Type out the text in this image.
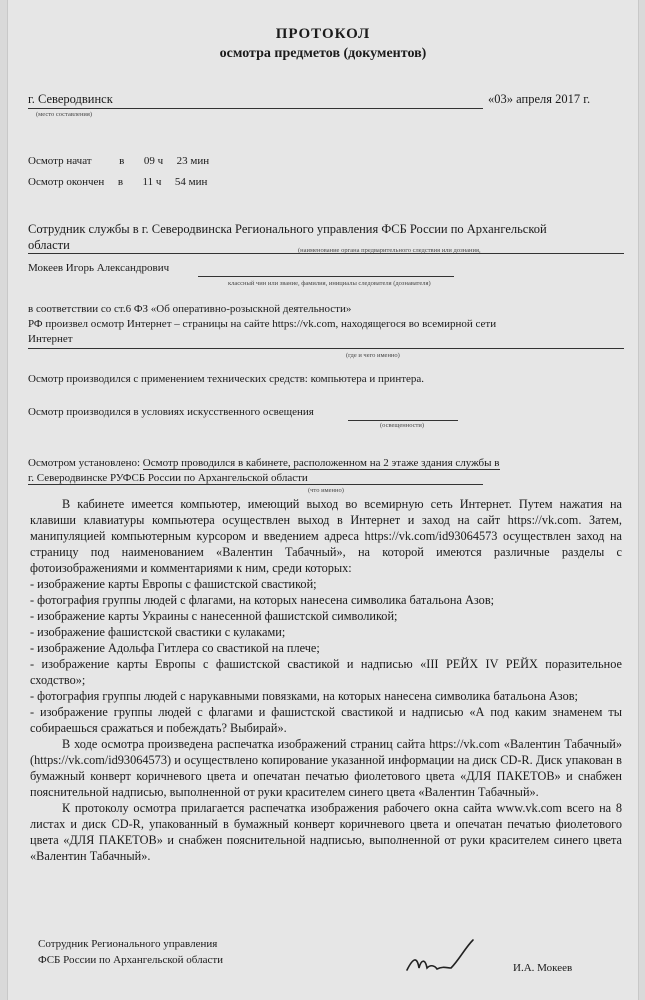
ПРОТОКОЛ
осмотра предметов (документов)
г. Северодвинск
(место составления)
«03» апреля 2017 г.
Осмотр начат	в 09 ч 23 мин
Осмотр окончен в 11 ч 54 мин
Сотрудник службы в г. Северодвинска Регионального управления ФСБ России по Архангельской
области	(наименование органа предварительного следствия или дознания,
Мокеев Игорь Александрович
классный чин или звание, фамилия, инициалы следователя (дознавателя)
в соответствии со ст.6 ФЗ «Об оперативно-розыскной деятельности»
РФ произвел осмотр Интернет – страницы на сайте https://vk.com, находящегося во всемирной сети
Интернет
(где и чего именно)
Осмотр производился с применением технических средств: компьютера и принтера.
Осмотр производился в условиях искусственного освещения
(освещенности)
Осмотром установлено: Осмотр проводился в кабинете, расположенном на 2 этаже здания службы в
г. Северодвинске РУФСБ России по Архангельской области
(что именно)

В кабинете имеется компьютер, имеющий выход во всемирную сеть Интернет. Путем нажатия на клавиши клавиатуры компьютера осуществлен выход в Интернет и заход на сайт https://vk.com. Затем, манипуляцией компьютерным курсором и введением адреса https://vk.com/id93064573 осуществлен заход на страницу под наименованием «Валентин Табачный», на которой имеются различные разделы с фотоизображениями и комментариями к ним, среди которых:

- изображение карты Европы с фашистской свастикой;

- фотография группы людей с флагами, на которых нанесена символика батальона Азов;

- изображение карты Украины с нанесенной фашистской символикой;

- изображение фашистской свастики с кулаками;

- изображение Адольфа Гитлера со свастикой на плече;

- изображение карты Европы с фашистской свастикой и надписью «III РЕЙХ IV РЕЙХ поразительное сходство»;

- фотография группы людей с нарукавными повязками, на которых нанесена символика батальона Азов;

- изображение группы людей с флагами и фашистской свастикой и надписью «А под каким знаменем ты собираешься сражаться и побеждать? Выбирай».

В ходе осмотра произведена распечатка изображений страниц сайта https://vk.com «Валентин Табачный» (https://vk.com/id93064573) и осуществлено копирование указанной информации на диск CD-R. Диск упакован в бумажный конверт коричневого цвета и опечатан печатью фиолетового цвета «ДЛЯ ПАКЕТОВ» и снабжен пояснительной надписью, выполненной от руки красителем синего цвета «Валентин Табачный».

К протоколу осмотра прилагается распечатка изображения рабочего окна сайта www.vk.com всего на 8 листах и диск CD-R, упакованный в бумажный конверт коричневого цвета и опечатан печатью фиолетового цвета «ДЛЯ ПАКЕТОВ» и снабжен пояснительной надписью, выполненной от руки красителем синего цвета «Валентин Табачный».

Сотрудник Регионального управления
ФСБ России по Архангельской области
И.А. Мокеев
